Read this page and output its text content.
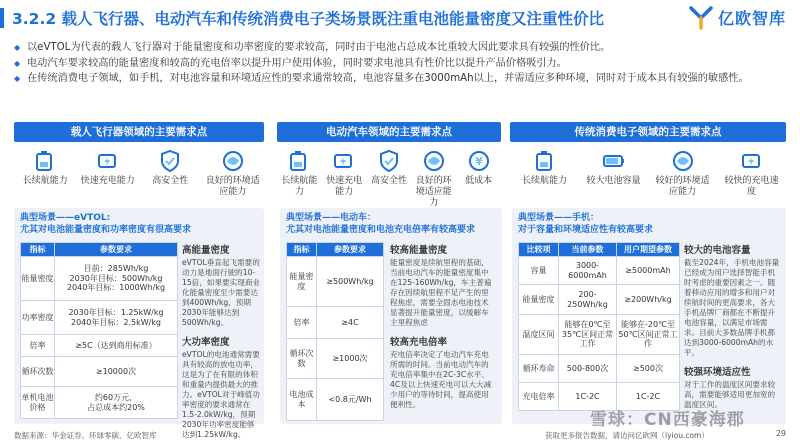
3.2.2 载人飞行器、电动汽车和传统消费电子类场景既注重电池能量密度又注重性价比	亿欧智库
◆ 以eVTOL为代表的载人飞行器对于能量密度和功率密度的要求较高，同时由于电池占总成本比重较大因此要求具有较强的性价比。
◆ 电动汽车要求较高的能量密度和较高的充电倍率以提升用户使用体验，同时要求电池具有性价比以提升产品价格吸引力。
◆ 在传统消费电子领域，如手机，对电池容量和环境适应性的要求通常较高，电池容量多在3000mAh以上，并需适应多种环境，同时对于成本具有较强的敏感性。
载人飞行器领域的主要需求点
长续航能力 快速充电能力 高安全性 良好的环境适应能力
电动汽车领域的主要需求点
长续航能力
快速充电能力
高安全性 良好的环境适应能力
¥
低成本
传统消费电子领域的主要需求点
长续航能力 较大电池容量 较好的环境适应能力
较快的充电速度
典型场景——eVTOL:
尤其对电池能量密度和功率密度有很高要求
指标	参数要求
能量密度	目前：285Wh/kg
2030年目标：500Wh/kg
2040年目标：1000Wh/kg
功率密度	2030年目标：1.25kW/kg
2040年目标：2.5kW/kg
倍率	≥5C（达到商用标准）
循环次数	≥10000次
单机电池价格	约60万元，
占总成本约20%
高能量密度

eVTOL垂直起飞需要的动力是地面行驶的10-15倍，如果要实现商业化能量密度至少需要达到400Wh/kg，预期2030年能够达到500Wh/kg。

大功率密度

eVTOL的电池通常需要具有较高的放电功率，这是为了在有限的体积和重量内提供最大的推力。eVTOL对于峰值功率密度的要求通常在1.5-2.0kW/kg，预期2030年功率密度能够达到1.25kW/kg。

典型场景——电动车：
尤其对电池能量密度和电池充电倍率有较高要求
指标	参数要求
能量密度	≥500Wh/kg
倍率	≥4C
循环次数	≥1000次
电池成本	<0.8元/Wh
较高能量密度

能量密度是续航里程的基础，当前电动汽车的能量密度集中在125-160Wh/kg，车主普遍存在因续航里程不足产生的里程焦虑，需要全固态电池技术显著提升能量密度，以缓解车主里程焦虑

较高充电倍率

充电倍率决定了电动汽车充电所需的时间。当前电动汽车的充电倍率集中在2C-3C水平。4C及以上快速充电可以大大减少用户的等待时间，提高使用便利性。

典型场景——手机：
对于容量和环境适应性有较高要求
比较项	当前参数	用户期望参数
容量	3000-6000mAh	≥5000mAh
能量密度	200-250Wh/kg	≥200Wh/kg
温度区间	能够在0℃至35℃区间正常工作	能够在-20℃至50℃区间正常工作
循环寿命	500-800次	≥500次
充电倍率	1C-2C	1C-2C
较大的电池容量

截至2024年，手机电池容量已经成为用户选择智能手机时考虑的重要因素之一。随着移动应用的增多和用户对续航时间的更高要求，各大手机品牌厂商都在不断提升电池容量，以满足市场需求。目前大多数品牌手机都达到3000-6000mAh的水平。

较强环境适应性

对于工作的温度区间要求较高，需要能够适用更加宽的温度区间。

数据来源：华金证券、环球零碳、亿欧智库
雪球：CN西豪海郡
获取更多报告数据，请访问亿欧网（iyiou.com）	29
